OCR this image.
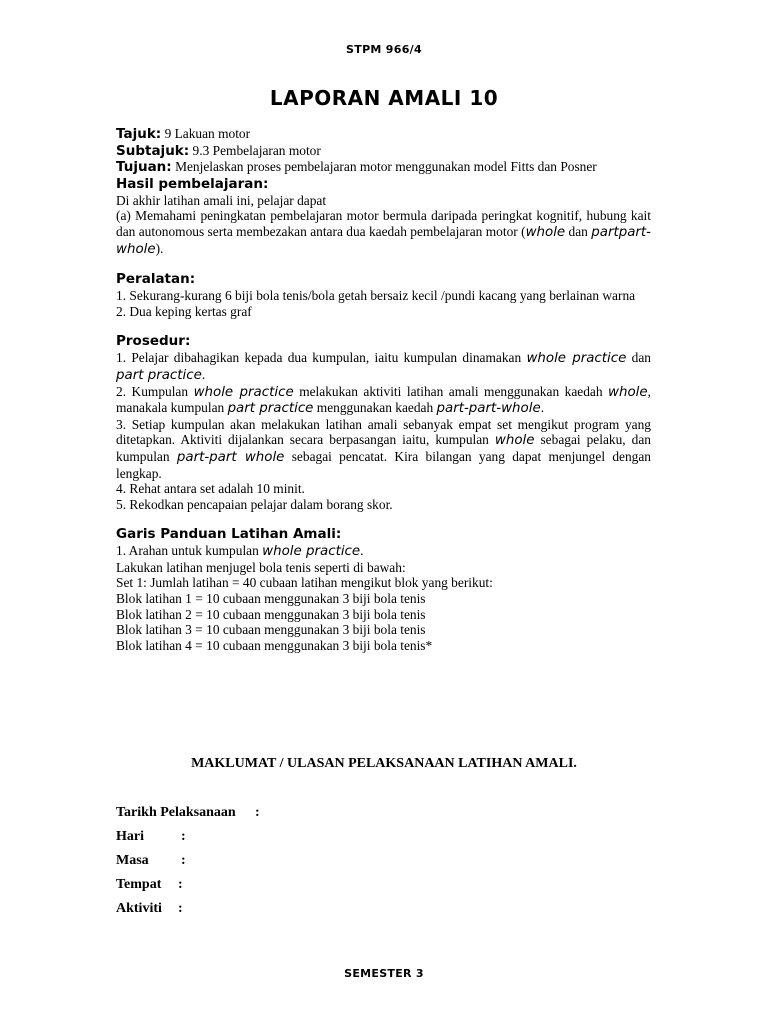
STPM 966/4
LAPORAN AMALI 10
Tajuk: 9 Lakuan motor
Subtajuk: 9.3 Pembelajaran motor
Tujuan: Menjelaskan proses pembelajaran motor menggunakan model Fitts dan Posner
Hasil pembelajaran:
Di akhir latihan amali ini, pelajar dapat
(a) Memahami peningkatan pembelajaran motor bermula daripada peringkat kognitif, hubung kait dan autonomous serta membezakan antara dua kaedah pembelajaran motor (whole dan partpart-whole).
Peralatan:
1. Sekurang-kurang 6 biji bola tenis/bola getah bersaiz kecil /pundi kacang yang berlainan warna
2. Dua keping kertas graf
Prosedur:
1. Pelajar dibahagikan kepada dua kumpulan, iaitu kumpulan dinamakan whole practice dan part practice.
2. Kumpulan whole practice melakukan aktiviti latihan amali menggunakan kaedah whole, manakala kumpulan part practice menggunakan kaedah part-part-whole.
3. Setiap kumpulan akan melakukan latihan amali sebanyak empat set mengikut program yang ditetapkan. Aktiviti dijalankan secara berpasangan iaitu, kumpulan whole sebagai pelaku, dan kumpulan part-part whole sebagai pencatat. Kira bilangan yang dapat menjungel dengan lengkap.
4. Rehat antara set adalah 10 minit.
5. Rekodkan pencapaian pelajar dalam borang skor.
Garis Panduan Latihan Amali:
1. Arahan untuk kumpulan whole practice.
Lakukan latihan menjugel bola tenis seperti di bawah:
Set 1: Jumlah latihan = 40 cubaan latihan mengikut blok yang berikut:
Blok latihan 1 = 10 cubaan menggunakan 3 biji bola tenis
Blok latihan 2 = 10 cubaan menggunakan 3 biji bola tenis
Blok latihan 3 = 10 cubaan menggunakan 3 biji bola tenis
Blok latihan 4 = 10 cubaan menggunakan 3 biji bola tenis*
MAKLUMAT / ULASAN PELAKSANAAN LATIHAN AMALI.
Tarikh Pelaksanaan :
Hari	:
Masa :
Tempat :
Aktiviti :
SEMESTER 3
